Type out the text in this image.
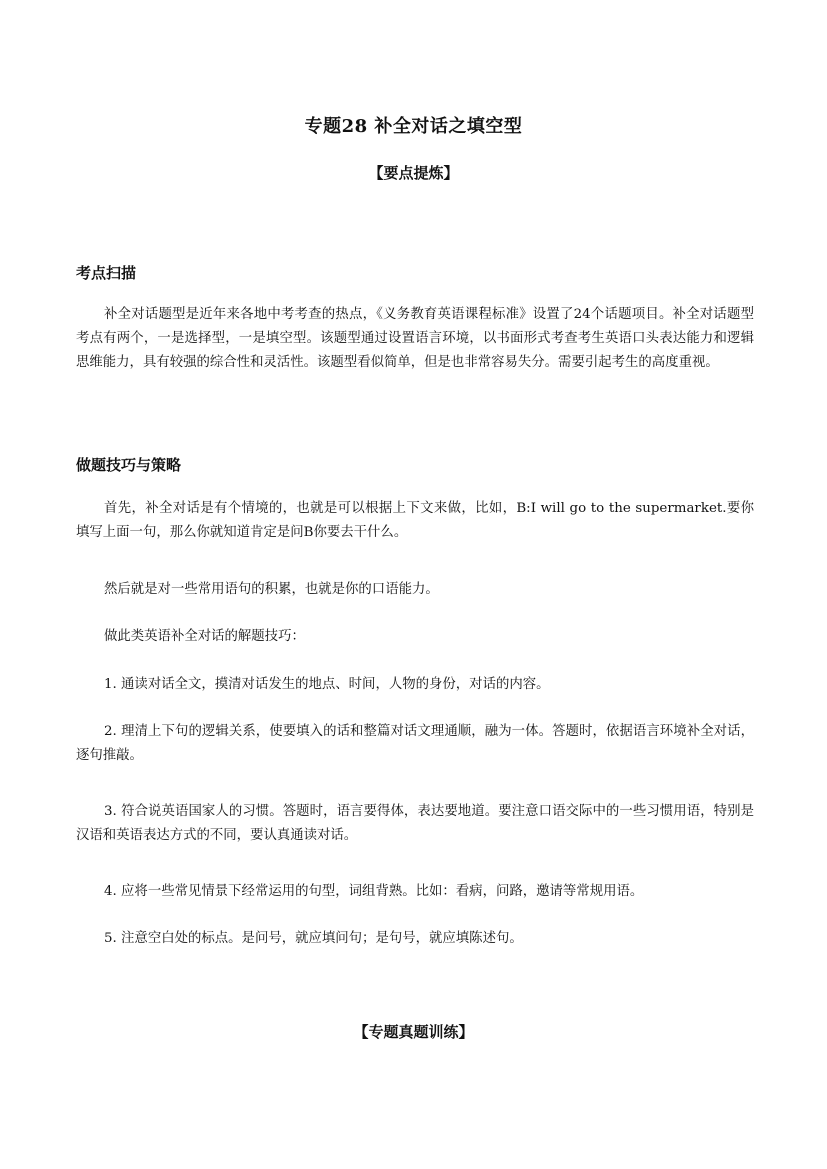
专题28 补全对话之填空型
【要点提炼】
考点扫描
补全对话题型是近年来各地中考考查的热点，《义务教育英语课程标准》设置了24个话题项目。补全对话题型考点有两个，一是选择型，一是填空型。该题型通过设置语言环境，以书面形式考查考生英语口头表达能力和逻辑思维能力，具有较强的综合性和灵活性。该题型看似简单，但是也非常容易失分。需要引起考生的高度重视。
做题技巧与策略
首先，补全对话是有个情境的，也就是可以根据上下文来做，比如，B:I will go to the supermarket.要你填写上面一句，那么你就知道肯定是问B你要去干什么。
然后就是对一些常用语句的积累，也就是你的口语能力。
做此类英语补全对话的解题技巧：
1. 通读对话全文，摸清对话发生的地点、时间，人物的身份，对话的内容。
2. 理清上下句的逻辑关系，使要填入的话和整篇对话文理通顺，融为一体。答题时，依据语言环境补全对话，逐句推敲。
3. 符合说英语国家人的习惯。答题时，语言要得体，表达要地道。要注意口语交际中的一些习惯用语，特别是汉语和英语表达方式的不同，要认真通读对话。
4. 应将一些常见情景下经常运用的句型，词组背熟。比如：看病，问路，邀请等常规用语。
5. 注意空白处的标点。是问号，就应填问句；是句号，就应填陈述句。
【专题真题训练】
